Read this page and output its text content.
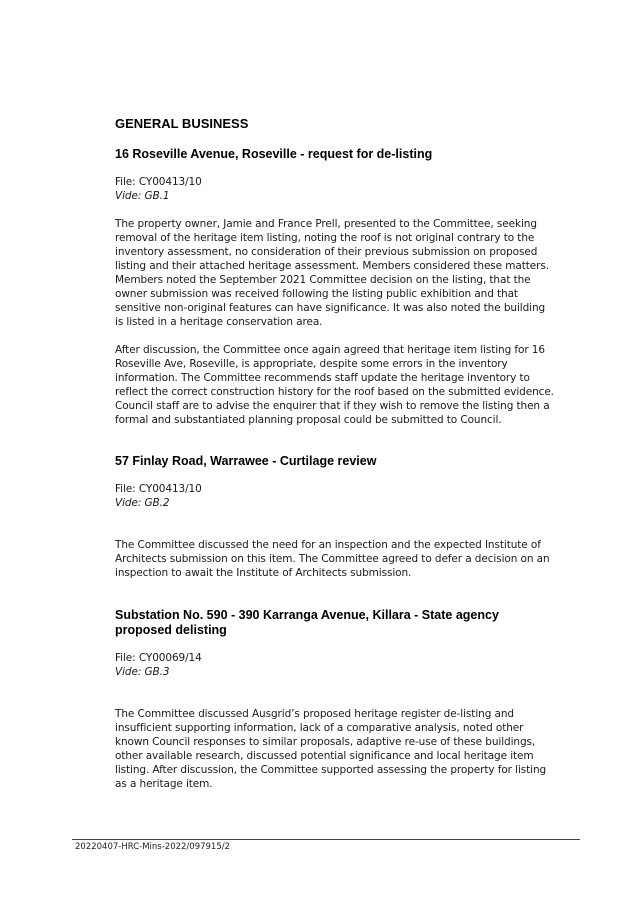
GENERAL BUSINESS
16 Roseville Avenue, Roseville - request for de-listing

File: CY00413/10

Vide: GB.1

The property owner, Jamie and France Prell, presented to the Committee, seeking removal of the heritage item listing, noting the roof is not original contrary to the inventory assessment, no consideration of their previous submission on proposed listing and their attached heritage assessment. Members considered these matters. Members noted the September 2021 Committee decision on the listing, that the owner submission was received following the listing public exhibition and that sensitive non-original features can have significance. It was also noted the building is listed in a heritage conservation area.

After discussion, the Committee once again agreed that heritage item listing for 16 Roseville Ave, Roseville, is appropriate, despite some errors in the inventory information. The Committee recommends staff update the heritage inventory to reflect the correct construction history for the roof based on the submitted evidence. Council staff are to advise the enquirer that if they wish to remove the listing then a formal and substantiated planning proposal could be submitted to Council.

57 Finlay Road, Warrawee - Curtilage review

File: CY00413/10

Vide: GB.2

The Committee discussed the need for an inspection and the expected Institute of Architects submission on this item. The Committee agreed to defer a decision on an inspection to await the Institute of Architects submission.

Substation No. 590 - 390 Karranga Avenue, Killara - State agency proposed delisting

File: CY00069/14

Vide: GB.3

The Committee discussed Ausgrid’s proposed heritage register de-listing and insufficient supporting information, lack of a comparative analysis, noted other known Council responses to similar proposals, adaptive re-use of these buildings, other available research, discussed potential significance and local heritage item listing. After discussion, the Committee supported assessing the property for listing as a heritage item.

20220407-HRC-Mins-2022/097915/2
